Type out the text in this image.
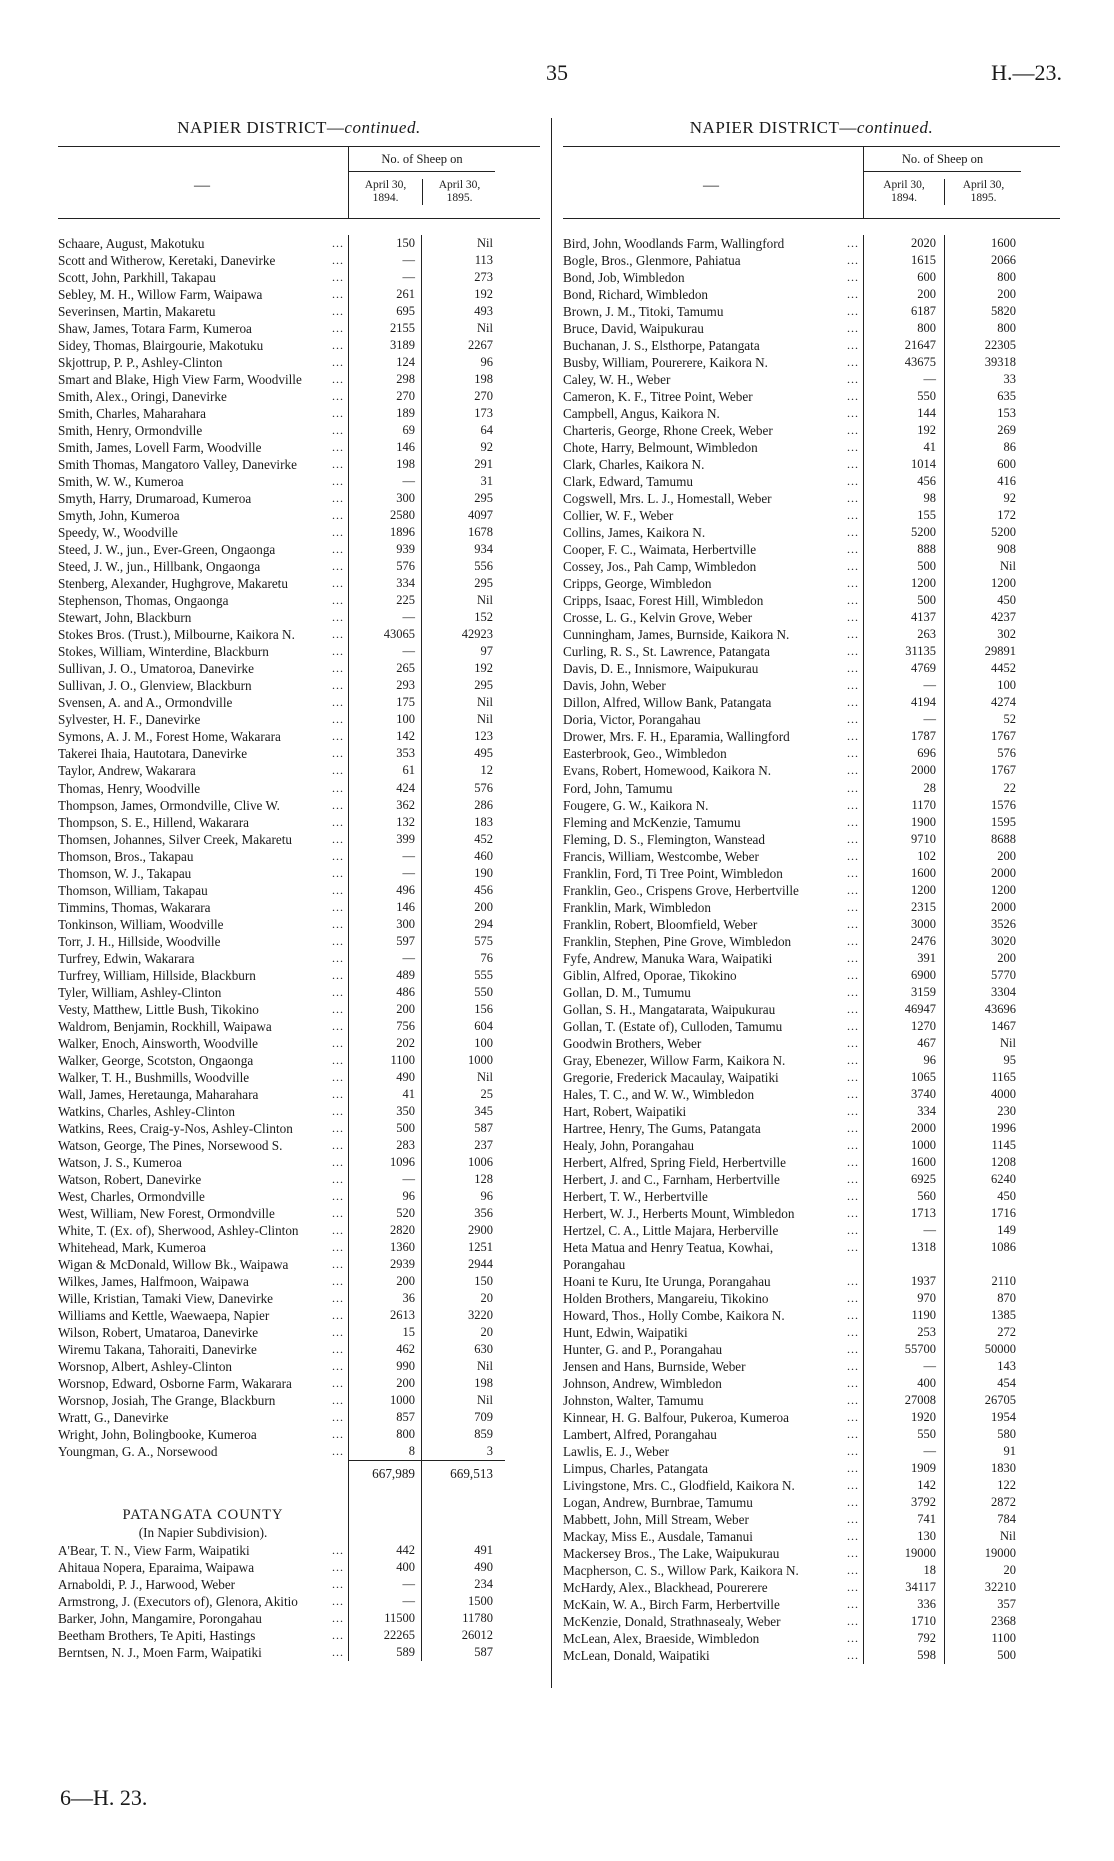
35	H.—23.
NAPIER DISTRICT—continued.
—
No. of Sheep on
April 30,
1894.
April 30,
1895.
Schaare, August, Makotuku ...	150	Nil
Scott and Witherow, Keretaki, Danevirke ...	—	113
Scott, John, Parkhill, Takapau ...	—	273
Sebley, M. H., Willow Farm, Waipawa ...	261	192
Severinsen, Martin, Makaretu ...	695	493
Shaw, James, Totara Farm, Kumeroa ...	2155	Nil
Sidey, Thomas, Blairgourie, Makotuku ...	3189	2267
Skjottrup, P. P., Ashley-Clinton ...	124	96
Smart and Blake, High View Farm, Woodville ...	298	198
Smith, Alex., Oringi, Danevirke ...	270	270
Smith, Charles, Maharahara ...	189	173
Smith, Henry, Ormondville ...	69	64
Smith, James, Lovell Farm, Woodville ...	146	92
Smith Thomas, Mangatoro Valley, Danevirke ...	198	291
Smith, W. W., Kumeroa ...	—	31
Smyth, Harry, Drumaroad, Kumeroa ...	300	295
Smyth, John, Kumeroa ...	2580	4097
Speedy, W., Woodville ...	1896	1678
Steed, J. W., jun., Ever-Green, Ongaonga ...	939	934
Steed, J. W., jun., Hillbank, Ongaonga ...	576	556
Stenberg, Alexander, Hughgrove, Makaretu ...	334	295
Stephenson, Thomas, Ongaonga ...	225	Nil
Stewart, John, Blackburn ...	—	152
Stokes Bros. (Trust.), Milbourne, Kaikora N. ...	43065	42923
Stokes, William, Winterdine, Blackburn ...	—	97
Sullivan, J. O., Umatoroa, Danevirke ...	265	192
Sullivan, J. O., Glenview, Blackburn ...	293	295
Svensen, A. and A., Ormondville ...	175	Nil
Sylvester, H. F., Danevirke ...	100	Nil
Symons, A. J. M., Forest Home, Wakarara ...	142	123
Takerei Ihaia, Hautotara, Danevirke ...	353	495
Taylor, Andrew, Wakarara ...	61	12
Thomas, Henry, Woodville ...	424	576
Thompson, James, Ormondville, Clive W. ...	362	286
Thompson, S. E., Hillend, Wakarara ...	132	183
Thomsen, Johannes, Silver Creek, Makaretu ...	399	452
Thomson, Bros., Takapau ...	—	460
Thomson, W. J., Takapau ...	—	190
Thomson, William, Takapau ...	496	456
Timmins, Thomas, Wakarara ...	146	200
Tonkinson, William, Woodville ...	300	294
Torr, J. H., Hillside, Woodville ...	597	575
Turfrey, Edwin, Wakarara ...	—	76
Turfrey, William, Hillside, Blackburn ...	489	555
Tyler, William, Ashley-Clinton ...	486	550
Vesty, Matthew, Little Bush, Tikokino ...	200	156
Waldrom, Benjamin, Rockhill, Waipawa ...	756	604
Walker, Enoch, Ainsworth, Woodville ...	202	100
Walker, George, Scotston, Ongaonga ...	1100	1000
Walker, T. H., Bushmills, Woodville ...	490	Nil
Wall, James, Heretaunga, Maharahara ...	41	25
Watkins, Charles, Ashley-Clinton ...	350	345
Watkins, Rees, Craig-y-Nos, Ashley-Clinton ...	500	587
Watson, George, The Pines, Norsewood S. ...	283	237
Watson, J. S., Kumeroa ...	1096	1006
Watson, Robert, Danevirke ...	—	128
West, Charles, Ormondville ...	96	96
West, William, New Forest, Ormondville ...	520	356
White, T. (Ex. of), Sherwood, Ashley-Clinton ...	2820	2900
Whitehead, Mark, Kumeroa ...	1360	1251
Wigan & McDonald, Willow Bk., Waipawa ...	2939	2944
Wilkes, James, Halfmoon, Waipawa ...	200	150
Wille, Kristian, Tamaki View, Danevirke ...	36	20
Williams and Kettle, Waewaepa, Napier ...	2613	3220
Wilson, Robert, Umataroa, Danevirke ...	15	20
Wiremu Takana, Tahoraiti, Danevirke ...	462	630
Worsnop, Albert, Ashley-Clinton ...	990	Nil
Worsnop, Edward, Osborne Farm, Wakarara ...	200	198
Worsnop, Josiah, The Grange, Blackburn ...	1000	Nil
Wratt, G., Danevirke ...	857	709
Wright, John, Bolingbooke, Kumeroa ...	800	859
Youngman, G. A., Norsewood ...	8	3
667,989	669,513
PATANGATA COUNTY
(In Napier Subdivision).
A'Bear, T. N., View Farm, Waipatiki ...	442	491
Ahitaua Nopera, Eparaima, Waipawa ...	400	490
Arnaboldi, P. J., Harwood, Weber ...	—	234
Armstrong, J. (Executors of), Glenora, Akitio ...	—	1500
Barker, John, Mangamire, Porongahau ...	11500	11780
Beetham Brothers, Te Apiti, Hastings ...	22265	26012
Berntsen, N. J., Moen Farm, Waipatiki ...	589	587
NAPIER DISTRICT—continued.
—
No. of Sheep on
April 30,
1894.
April 30,
1895.
Bird, John, Woodlands Farm, Wallingford ...	2020	1600
Bogle, Bros., Glenmore, Pahiatua ...	1615	2066
Bond, Job, Wimbledon ...	600	800
Bond, Richard, Wimbledon ...	200	200
Brown, J. M., Titoki, Tamumu ...	6187	5820
Bruce, David, Waipukurau ...	800	800
Buchanan, J. S., Elsthorpe, Patangata ...	21647	22305
Busby, William, Pourerere, Kaikora N. ...	43675	39318
Caley, W. H., Weber ...	—	33
Cameron, K. F., Titree Point, Weber ...	550	635
Campbell, Angus, Kaikora N. ...	144	153
Charteris, George, Rhone Creek, Weber ...	192	269
Chote, Harry, Belmount, Wimbledon ...	41	86
Clark, Charles, Kaikora N. ...	1014	600
Clark, Edward, Tamumu ...	456	416
Cogswell, Mrs. L. J., Homestall, Weber ...	98	92
Collier, W. F., Weber ...	155	172
Collins, James, Kaikora N. ...	5200	5200
Cooper, F. C., Waimata, Herbertville ...	888	908
Cossey, Jos., Pah Camp, Wimbledon ...	500	Nil
Cripps, George, Wimbledon ...	1200	1200
Cripps, Isaac, Forest Hill, Wimbledon ...	500	450
Crosse, L. G., Kelvin Grove, Weber ...	4137	4237
Cunningham, James, Burnside, Kaikora N. ...	263	302
Curling, R. S., St. Lawrence, Patangata ...	31135	29891
Davis, D. E., Innismore, Waipukurau ...	4769	4452
Davis, John, Weber ...	—	100
Dillon, Alfred, Willow Bank, Patangata ...	4194	4274
Doria, Victor, Porangahau ...	—	52
Drower, Mrs. F. H., Eparamia, Wallingford ...	1787	1767
Easterbrook, Geo., Wimbledon ...	696	576
Evans, Robert, Homewood, Kaikora N. ...	2000	1767
Ford, John, Tamumu ...	28	22
Fougere, G. W., Kaikora N. ...	1170	1576
Fleming and McKenzie, Tamumu ...	1900	1595
Fleming, D. S., Flemington, Wanstead ...	9710	8688
Francis, William, Westcombe, Weber ...	102	200
Franklin, Ford, Ti Tree Point, Wimbledon ...	1600	2000
Franklin, Geo., Crispens Grove, Herbertville ...	1200	1200
Franklin, Mark, Wimbledon ...	2315	2000
Franklin, Robert, Bloomfield, Weber ...	3000	3526
Franklin, Stephen, Pine Grove, Wimbledon ...	2476	3020
Fyfe, Andrew, Manuka Wara, Waipatiki ...	391	200
Giblin, Alfred, Oporae, Tikokino ...	6900	5770
Gollan, D. M., Tumumu ...	3159	3304
Gollan, S. H., Mangatarata, Waipukurau ...	46947	43696
Gollan, T. (Estate of), Culloden, Tamumu ...	1270	1467
Goodwin Brothers, Weber ...	467	Nil
Gray, Ebenezer, Willow Farm, Kaikora N. ...	96	95
Gregorie, Frederick Macaulay, Waipatiki ...	1065	1165
Hales, T. C., and W. W., Wimbledon ...	3740	4000
Hart, Robert, Waipatiki ...	334	230
Hartree, Henry, The Gums, Patangata ...	2000	1996
Healy, John, Porangahau ...	1000	1145
Herbert, Alfred, Spring Field, Herbertville ...	1600	1208
Herbert, J. and C., Farnham, Herbertville ...	6925	6240
Herbert, T. W., Herbertville ...	560	450
Herbert, W. J., Herberts Mount, Wimbledon ...	1713	1716
Hertzel, C. A., Little Majara, Herberville ...	—	149
Heta Matua and Henry Teatua, Kowhai, ...	1318	1086
Porangahau
Hoani te Kuru, Ite Urunga, Porangahau ...	1937	2110
Holden Brothers, Mangareiu, Tikokino ...	970	870
Howard, Thos., Holly Combe, Kaikora N. ...	1190	1385
Hunt, Edwin, Waipatiki ...	253	272
Hunter, G. and P., Porangahau ...	55700	50000
Jensen and Hans, Burnside, Weber ...	—	143
Johnson, Andrew, Wimbledon ...	400	454
Johnston, Walter, Tamumu ...	27008	26705
Kinnear, H. G. Balfour, Pukeroa, Kumeroa ...	1920	1954
Lambert, Alfred, Porangahau ...	550	580
Lawlis, E. J., Weber ...	—	91
Limpus, Charles, Patangata ...	1909	1830
Livingstone, Mrs. C., Glodfield, Kaikora N. ...	142	122
Logan, Andrew, Burnbrae, Tamumu ...	3792	2872
Mabbett, John, Mill Stream, Weber ...	741	784
Mackay, Miss E., Ausdale, Tamanui ...	130	Nil
Mackersey Bros., The Lake, Waipukurau ...	19000	19000
Macpherson, C. S., Willow Park, Kaikora N. ...	18	20
McHardy, Alex., Blackhead, Pourerere ...	34117	32210
McKain, W. A., Birch Farm, Herbertville ...	336	357
McKenzie, Donald, Strathnasealy, Weber ...	1710	2368
McLean, Alex, Braeside, Wimbledon ...	792	1100
McLean, Donald, Waipatiki ...	598	500
6—H. 23.
